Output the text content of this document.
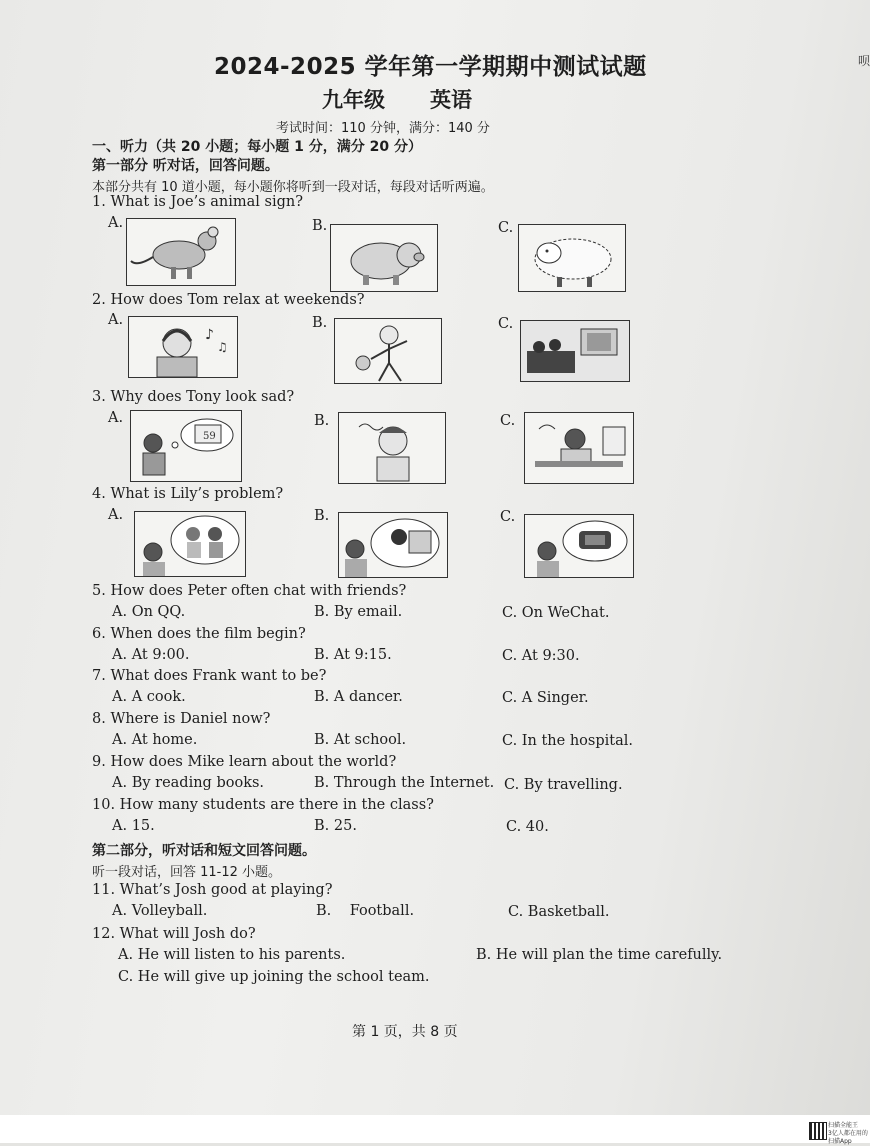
2024-2025 学年第一学期期中测试试题
九年级 英语
考试时间：110 分钟，满分：140 分
呗
一、听力（共 20 小题；每小题 1 分，满分 20 分）
第一部分 听对话，回答问题。
本部分共有 10 道小题，每小题你将听到一段对话，每段对话听两遍。
1. What is Joe’s animal sign?
A.	B.	C.
2. How does Tom relax at weekends?
A.	B.	C.
♪
♫
3. Why does Tony look sad?
A.	B.	C.
59
4. What is Lily’s problem?
A.	B.	C.
5. How does Peter often chat with friends?
A. On QQ.	B. By email.	C. On WeChat.
6. When does the film begin?
A. At 9:00.	B. At 9:15.	C. At 9:30.
7. What does Frank want to be?
A. A cook.	B. A dancer.	C. A Singer.
8. Where is Daniel now?
A. At home.	B. At school.	C. In the hospital.
9. How does Mike learn about the world?
A. By reading books.	B. Through the Internet. C. By travelling.
10. How many students are there in the class?
A. 15.	B. 25.	C. 40.
第二部分，听对话和短文回答问题。
听一段对话，回答 11-12 小题。
11. What’s Josh good at playing?
A. Volleyball.	B.    Football.	C. Basketball.
12. What will Josh do?
A. He will listen to his parents.	B. He will plan the time carefully.
C. He will give up joining the school team.
第 1 页，共 8 页
扫描全能王
3亿人都在用的扫描App
